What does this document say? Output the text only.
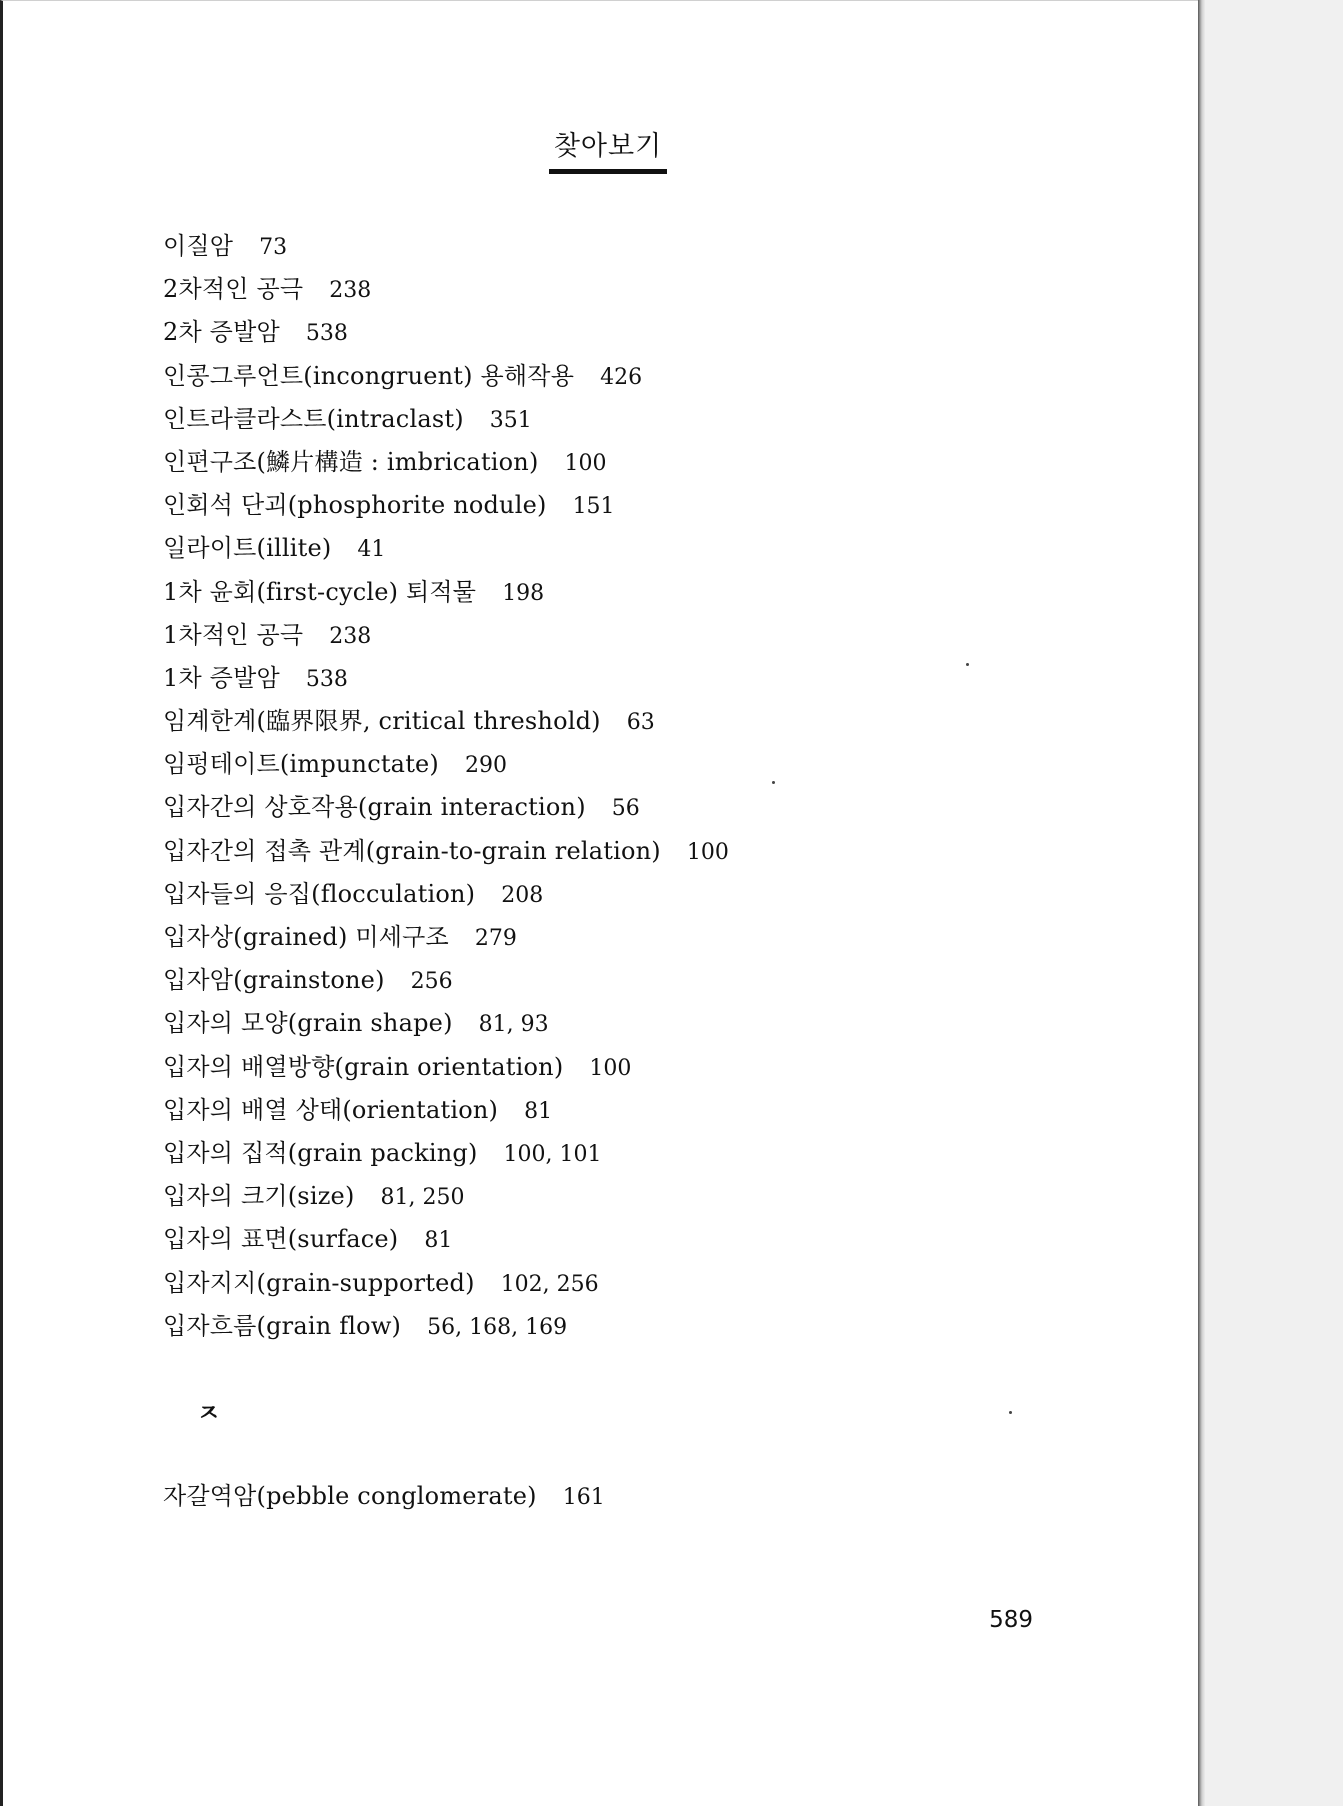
찾아보기
이질암 73
2차적인 공극 238
2차 증발암 538
인콩그루언트(incongruent) 용해작용 426
인트라클라스트(intraclast) 351
인편구조(鱗片構造 : imbrication) 100
인회석 단괴(phosphorite nodule) 151
일라이트(illite) 41
1차 윤회(first-cycle) 퇴적물 198
1차적인 공극 238
1차 증발암 538
임계한계(臨界限界, critical threshold) 63
임펑테이트(impunctate) 290
입자간의 상호작용(grain interaction) 56
입자간의 접촉 관계(grain-to-grain relation) 100
입자들의 응집(flocculation) 208
입자상(grained) 미세구조 279
입자암(grainstone) 256
입자의 모양(grain shape) 81, 93
입자의 배열방향(grain orientation) 100
입자의 배열 상태(orientation) 81
입자의 집적(grain packing) 100, 101
입자의 크기(size) 81, 250
입자의 표면(surface) 81
입자지지(grain-supported) 102, 256
입자흐름(grain flow) 56, 168, 169
ㅈ
자갈역암(pebble conglomerate) 161
589
